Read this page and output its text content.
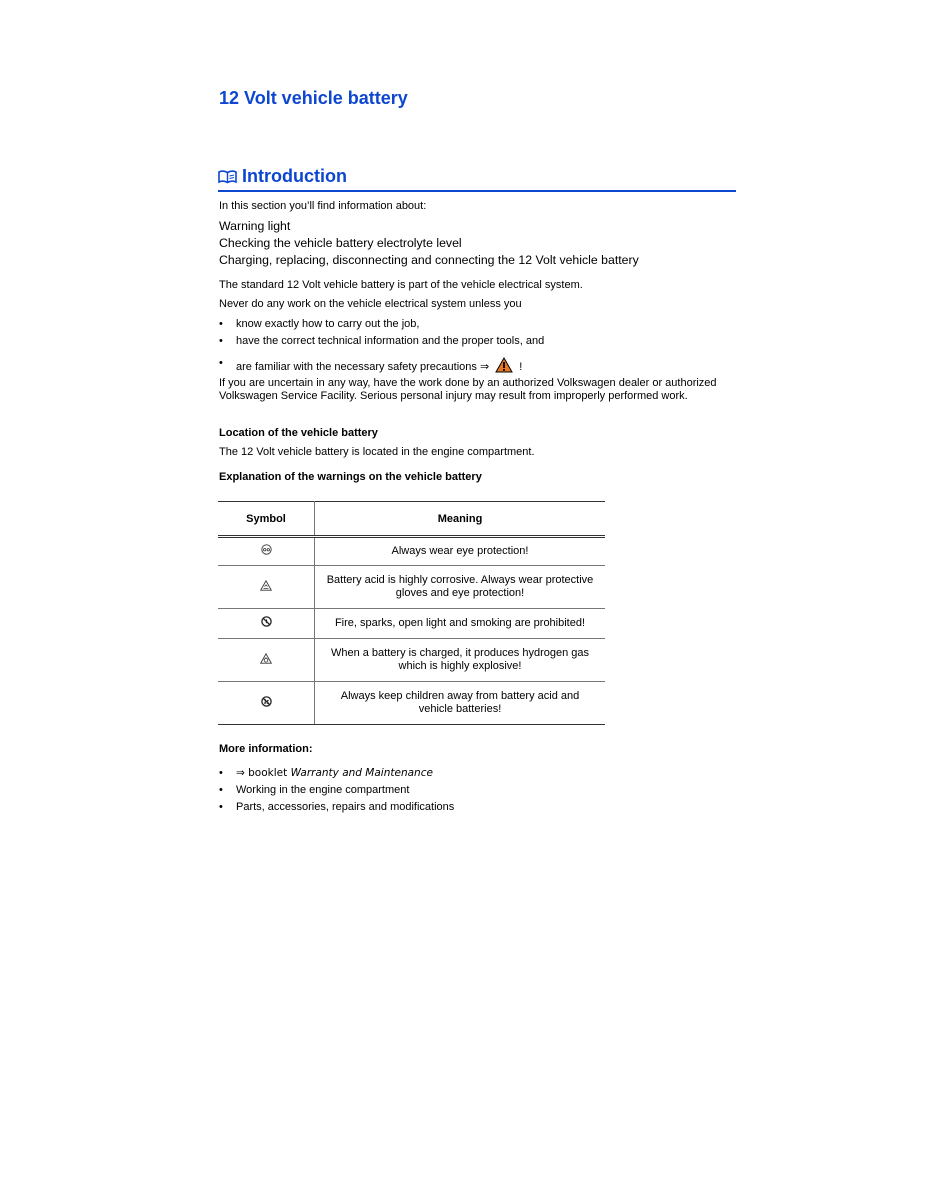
12 Volt vehicle battery
Introduction
In this section you’ll find information about:
Warning light
Checking the vehicle battery electrolyte level
Charging, replacing, disconnecting and connecting the 12 Volt vehicle battery
The standard 12 Volt vehicle battery is part of the vehicle electrical system.
Never do any work on the vehicle electrical system unless you
• know exactly how to carry out the job,
• have the correct technical information and the proper tools, and
• are familiar with the necessary safety precautions ⇒	!
If you are uncertain in any way, have the work done by an authorized Volkswagen dealer or authorized Volkswagen Service Facility. Serious personal injury may result from improperly performed work.
Location of the vehicle battery
The 12 Volt vehicle battery is located in the engine compartment.
Explanation of the warnings on the vehicle battery
Symbol	Meaning
	Always wear eye protection!
	Battery acid is highly corrosive. Always wear protective
gloves and eye protection!
	Fire, sparks, open light and smoking are prohibited!
	When a battery is charged, it produces hydrogen gas
which is highly explosive!
	Always keep children away from battery acid and
vehicle batteries!
More information:
• ⇒ booklet Warranty and Maintenance
• Working in the engine compartment
• Parts, accessories, repairs and modifications
